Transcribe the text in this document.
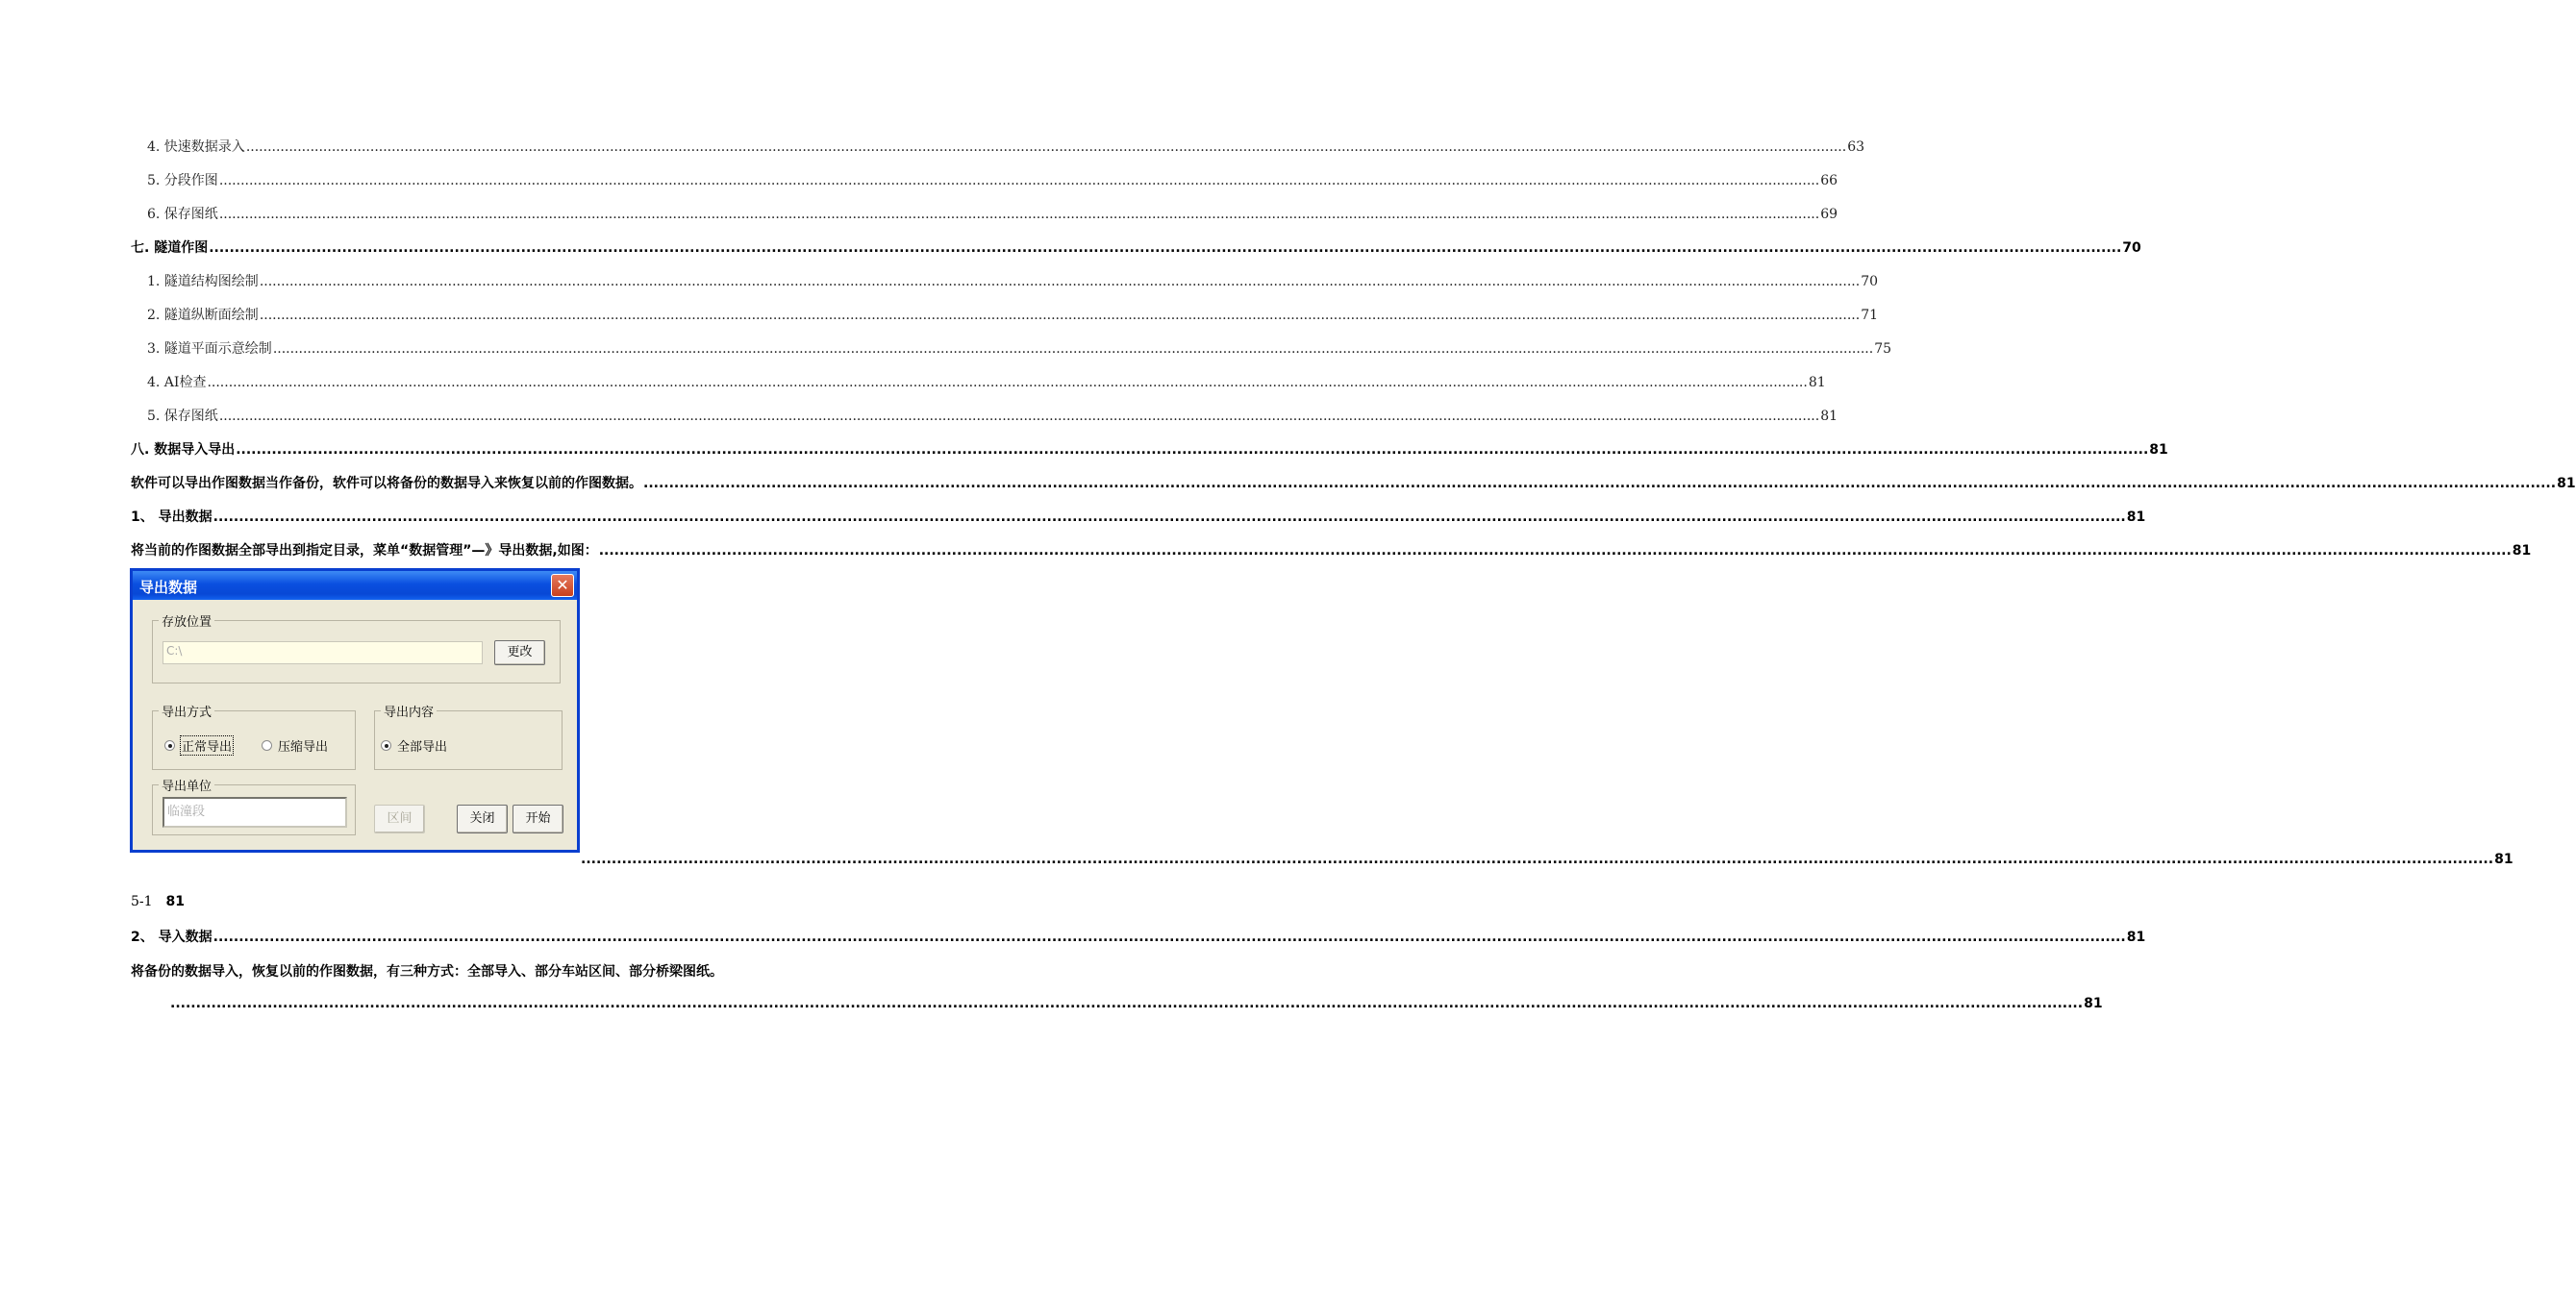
4. 快速数据录入 ...................................................................................................................................................................................................................................................................................................................................................................................... 63
5. 分段作图 ...................................................................................................................................................................................................................................................................................................................................................................................... 66
6. 保存图纸 ...................................................................................................................................................................................................................................................................................................................................................................................... 69
七. 隧道作图 ...................................................................................................................................................................................................................................................................................................................................................................................... 70
1. 隧道结构图绘制 ...................................................................................................................................................................................................................................................................................................................................................................................... 70
2. 隧道纵断面绘制 ...................................................................................................................................................................................................................................................................................................................................................................................... 71
3. 隧道平面示意绘制 ...................................................................................................................................................................................................................................................................................................................................................................................... 75
4. AI检查 ...................................................................................................................................................................................................................................................................................................................................................................................... 81
5. 保存图纸 ...................................................................................................................................................................................................................................................................................................................................................................................... 81
八. 数据导入导出 ...................................................................................................................................................................................................................................................................................................................................................................................... 81
软件可以导出作图数据当作备份，软件可以将备份的数据导入来恢复以前的作图数据。 ...................................................................................................................................................................................................................................................................................................................................................................................... 81
1、 导出数据 ...................................................................................................................................................................................................................................................................................................................................................................................... 81
将当前的作图数据全部导出到指定目录，菜单“数据管理”—》导出数据,如图： ...................................................................................................................................................................................................................................................................................................................................................................................... 81
导出数据	✕
存放位置
C:\	更改
导出方式
正常导出	压缩导出
导出内容
全部导出
导出单位
临潼段	区间	关闭	开始
...................................................................................................................................................................................................................................................................................................................................................................................... 81
5-1 81
2、 导入数据 ...................................................................................................................................................................................................................................................................................................................................................................................... 81
将备份的数据导入，恢复以前的作图数据，有三种方式：全部导入、部分车站区间、部分桥梁图纸。
...................................................................................................................................................................................................................................................................................................................................................................................... 81
